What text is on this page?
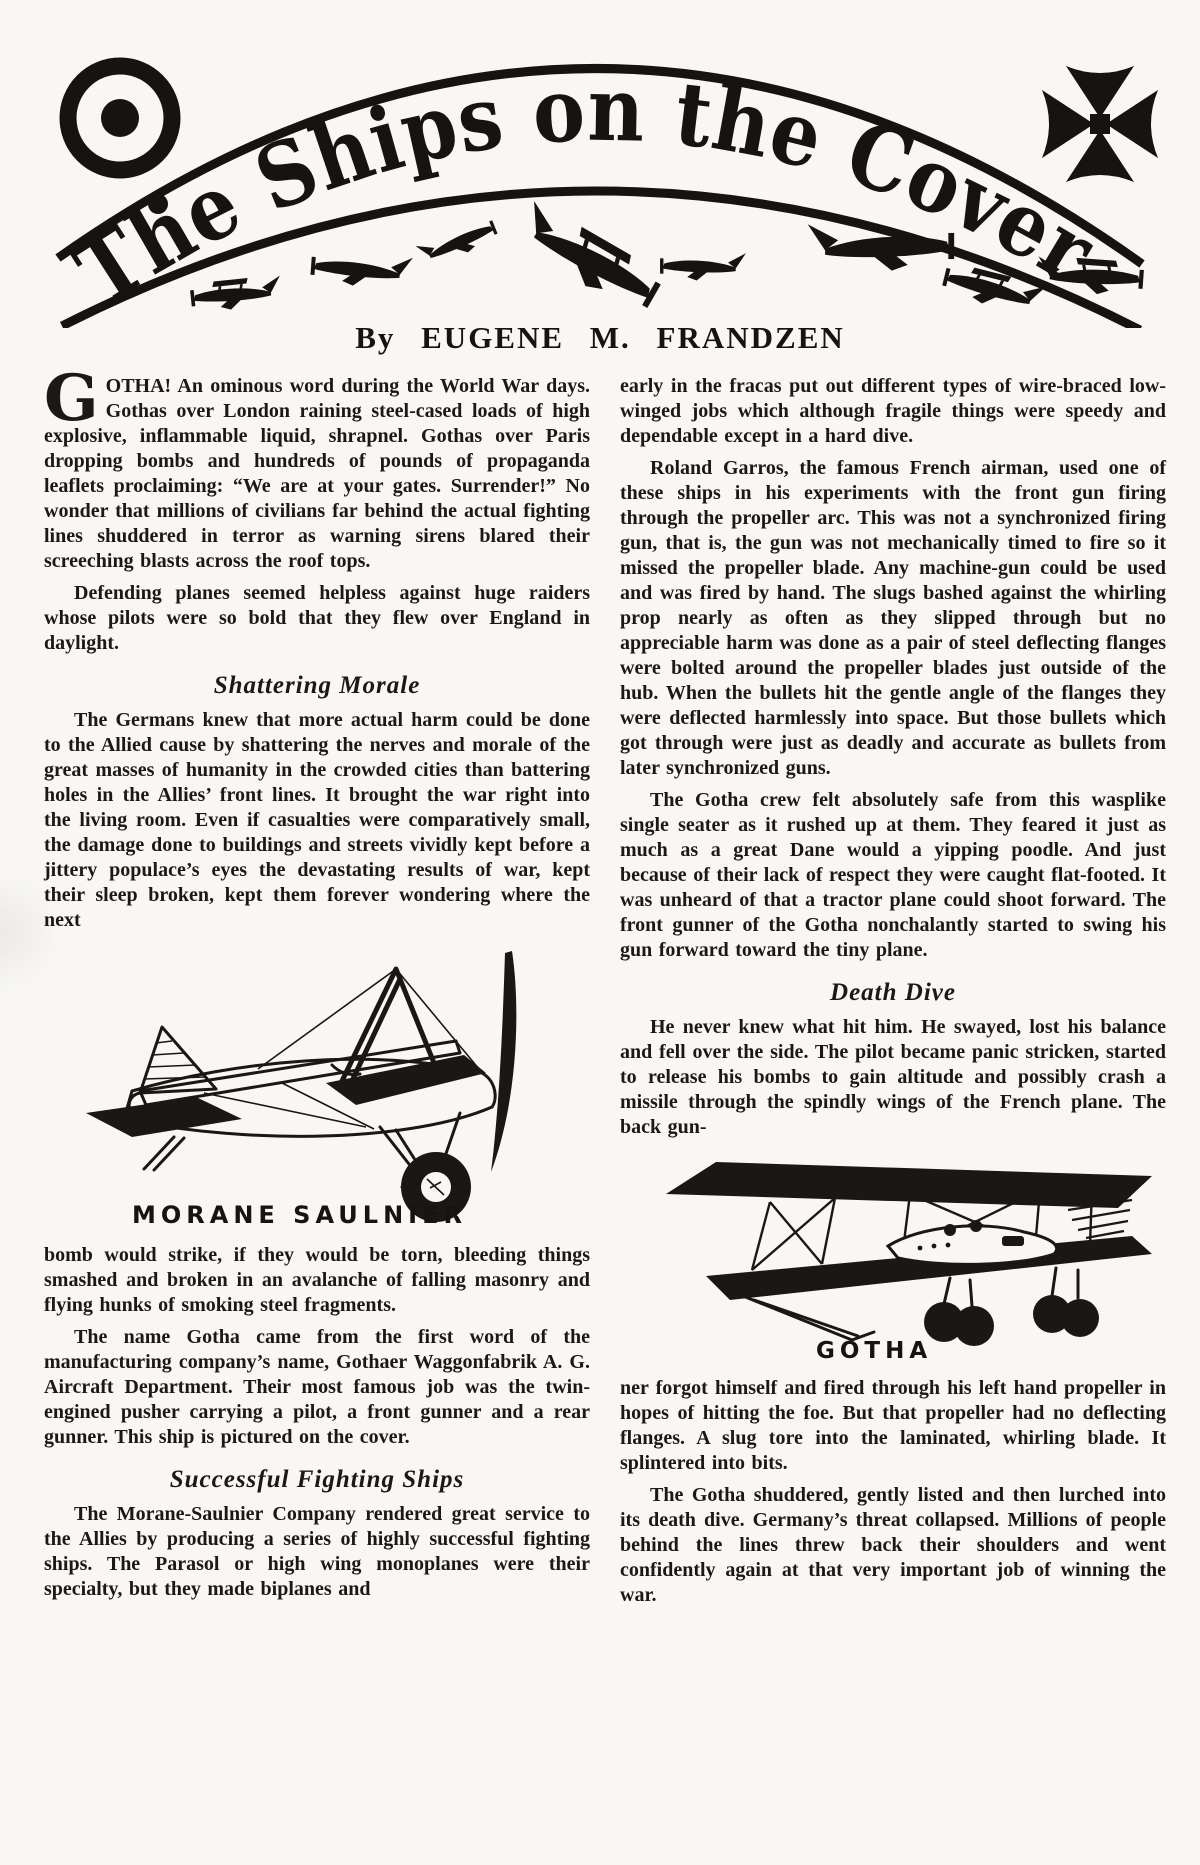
The Ships on the Cover
By EUGENE M. FRANDZEN

GOTHA! An ominous word during the World War days. Gothas over London raining steel-cased loads of high explosive, inflammable liquid, shrapnel. Gothas over Paris dropping bombs and hundreds of pounds of propaganda leaflets proclaiming: “We are at your gates. Surrender!” No wonder that millions of civilians far behind the actual fighting lines shuddered in terror as warning sirens blared their screeching blasts across the roof tops.

Defending planes seemed helpless against huge raiders whose pilots were so bold that they flew over England in daylight.

Shattering Morale

The Germans knew that more actual harm could be done to the Allied cause by shattering the nerves and morale of the great masses of humanity in the crowded cities than battering holes in the Allies’ front lines. It brought the war right into the living room. Even if casualties were comparatively small, the damage done to buildings and streets vividly kept before a jittery populace’s eyes the devastating results of war, kept their sleep broken, kept them forever wondering where the next

MORANE SAULNIER

bomb would strike, if they would be torn, bleeding things smashed and broken in an avalanche of falling masonry and flying hunks of smoking steel fragments.

The name Gotha came from the first word of the manufacturing company’s name, Gothaer Waggonfabrik A. G. Aircraft Department. Their most famous job was the twin-engined pusher carrying a pilot, a front gunner and a rear gunner. This ship is pictured on the cover.

Successful Fighting Ships

The Morane-Saulnier Company rendered great service to the Allies by producing a series of highly successful fighting ships. The Parasol or high wing monoplanes were their specialty, but they made biplanes and

early in the fracas put out different types of wire-braced low-winged jobs which although fragile things were speedy and dependable except in a hard dive.

Roland Garros, the famous French airman, used one of these ships in his experiments with the front gun firing through the propeller arc. This was not a synchronized firing gun, that is, the gun was not mechanically timed to fire so it missed the propeller blade. Any machine-gun could be used and was fired by hand. The slugs bashed against the whirling prop nearly as often as they slipped through but no appreciable harm was done as a pair of steel deflecting flanges were bolted around the propeller blades just outside of the hub. When the bullets hit the gentle angle of the flanges they were deflected harmlessly into space. But those bullets which got through were just as deadly and accurate as bullets from later synchronized guns.

The Gotha crew felt absolutely safe from this wasplike single seater as it rushed up at them. They feared it just as much as a great Dane would a yipping poodle. And just because of their lack of respect they were caught flat-footed. It was unheard of that a tractor plane could shoot forward. The front gunner of the Gotha nonchalantly started to swing his gun forward toward the tiny plane.

Death Dive

He never knew what hit him. He swayed, lost his balance and fell over the side. The pilot became panic stricken, started to release his bombs to gain altitude and possibly crash a missile through the spindly wings of the French plane. The back gun-

GOTHA

ner forgot himself and fired through his left hand propeller in hopes of hitting the foe. But that propeller had no deflecting flanges. A slug tore into the laminated, whirling blade. It splintered into bits.

The Gotha shuddered, gently listed and then lurched into its death dive. Germany’s threat collapsed. Millions of people behind the lines threw back their shoulders and went confidently again at that very important job of winning the war.
